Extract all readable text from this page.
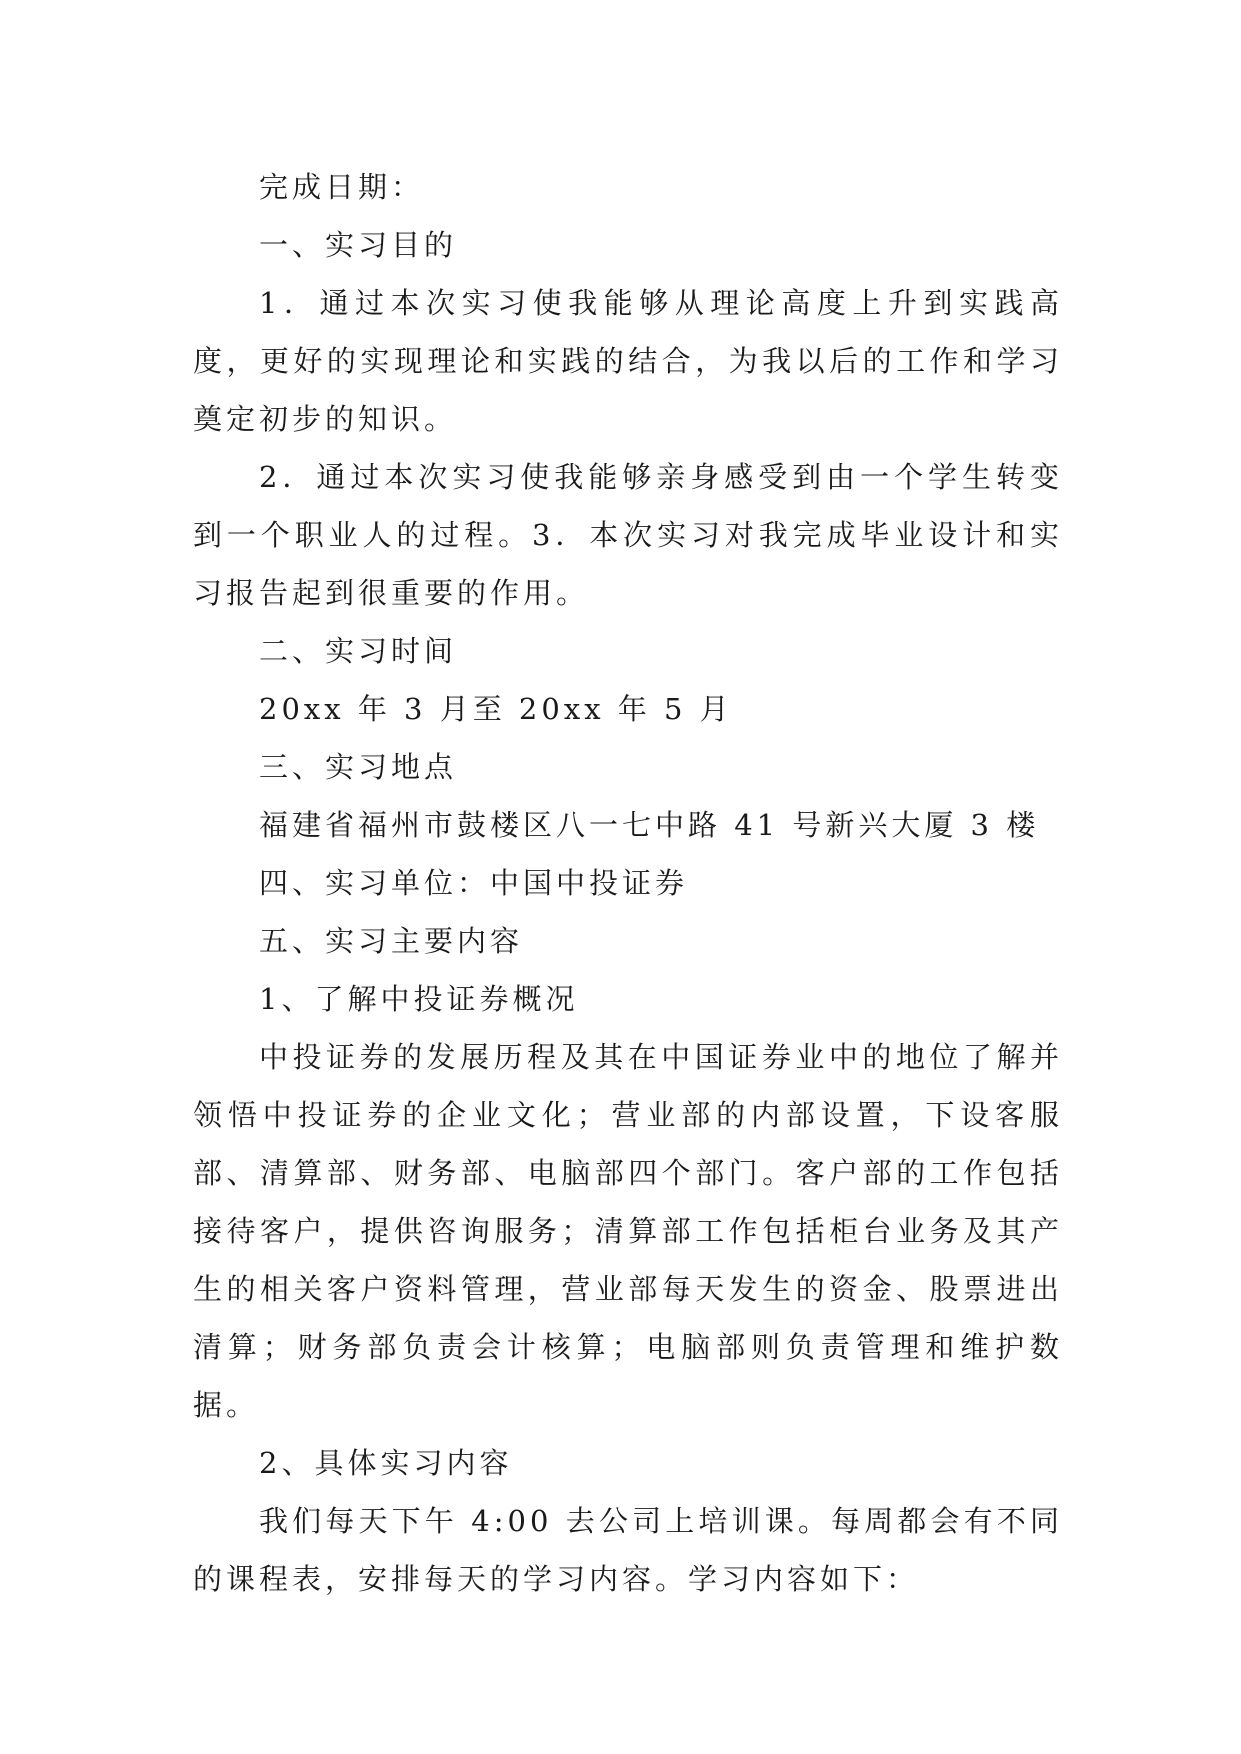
完成日期：

一、实习目的

1．通过本次实习使我能够从理论高度上升到实践高度，更好的实现理论和实践的结合，为我以后的工作和学习奠定初步的知识。

2．通过本次实习使我能够亲身感受到由一个学生转变到一个职业人的过程。3．本次实习对我完成毕业设计和实习报告起到很重要的作用。

二、实习时间

20xx 年 3 月至 20xx 年 5 月

三、实习地点

福建省福州市鼓楼区八一七中路 41 号新兴大厦 3 楼

四、实习单位：中国中投证券

五、实习主要内容

1、了解中投证券概况

中投证券的发展历程及其在中国证券业中的地位了解并领悟中投证券的企业文化；营业部的内部设置，下设客服部、清算部、财务部、电脑部四个部门。客户部的工作包括接待客户，提供咨询服务；清算部工作包括柜台业务及其产生的相关客户资料管理，营业部每天发生的资金、股票进出清算；财务部负责会计核算；电脑部则负责管理和维护数据。

2、具体实习内容

我们每天下午 4:00 去公司上培训课。每周都会有不同的课程表，安排每天的学习内容。学习内容如下：
